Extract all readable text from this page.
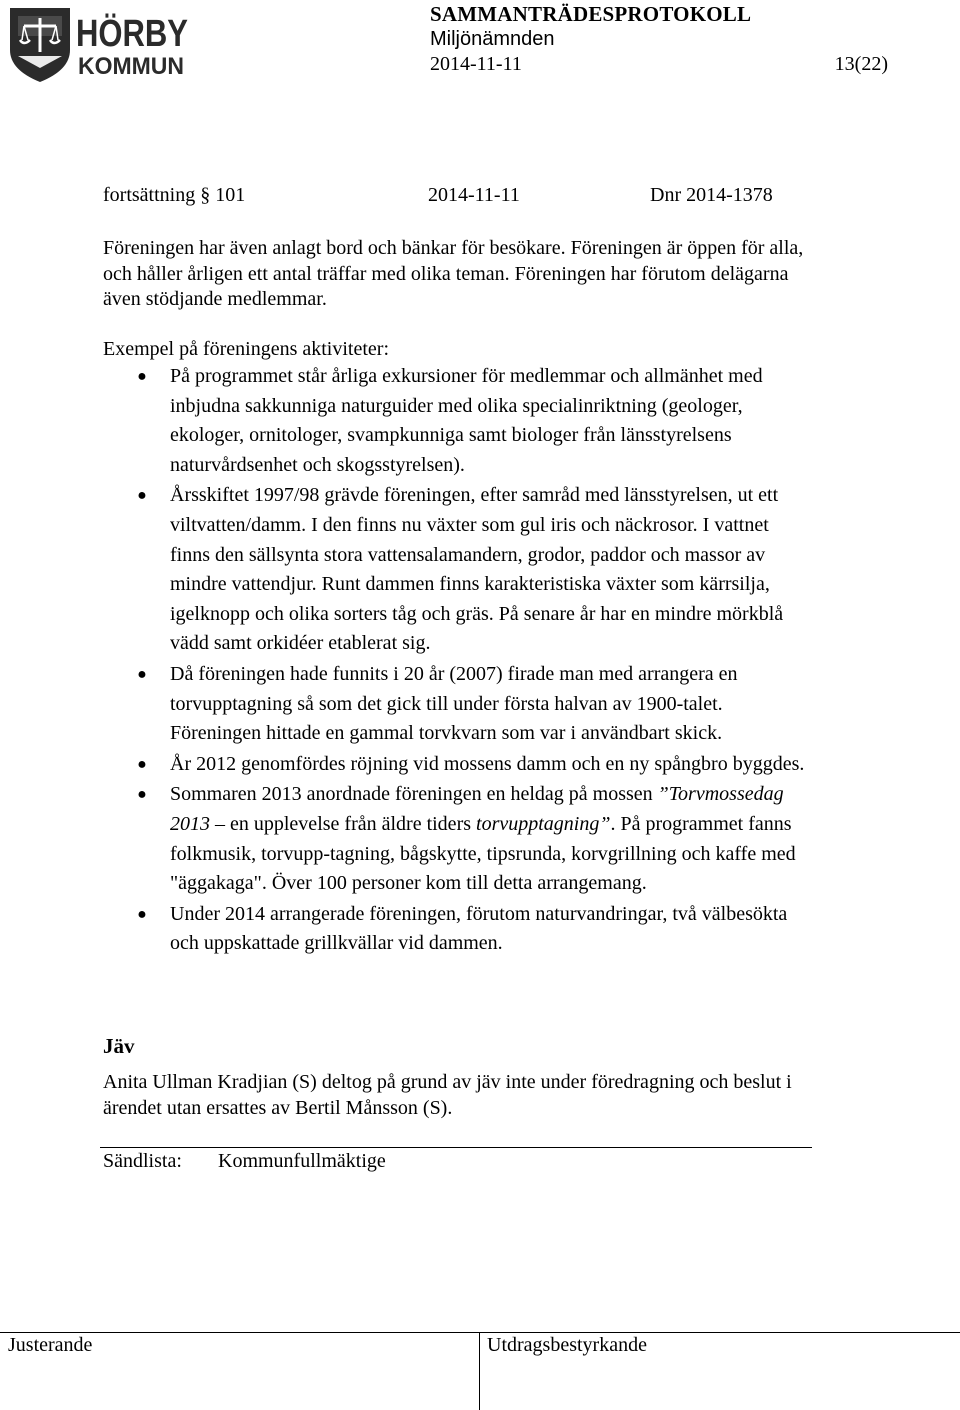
HÖRBY
KOMMUN
SAMMANTRÄDESPROTOKOLL
Miljönämnden
2014-11-11	13(22)
fortsättning § 101	2014-11-11	Dnr 2014-1378
Föreningen har även anlagt bord och bänkar för besökare. Föreningen är öppen för alla, och håller årligen ett antal träffar med olika teman. Föreningen har förutom delägarna även stödjande medlemmar.
Exempel på föreningens aktiviteter:
● På programmet står årliga exkursioner för medlemmar och allmänhet med inbjudna sakkunniga naturguider med olika specialinriktning (geologer, ekologer, ornitologer, svampkunniga samt biologer från länsstyrelsens naturvårdsenhet och skogsstyrelsen).
● Årsskiftet 1997/98 grävde föreningen, efter samråd med länsstyrelsen, ut ett viltvatten/damm. I den finns nu växter som gul iris och näckrosor. I vattnet finns den sällsynta stora vattensalamandern, grodor, paddor och massor av mindre vattendjur. Runt dammen finns karakteristiska växter som kärrsilja, igelknopp och olika sorters tåg och gräs. På senare år har en mindre mörkblå vädd samt orkidéer etablerat sig.
● Då föreningen hade funnits i 20 år (2007) firade man med arrangera en torvupptagning så som det gick till under första halvan av 1900-talet. Föreningen hittade en gammal torvkvarn som var i användbart skick.
● År 2012 genomfördes röjning vid mossens damm och en ny spångbro byggdes.
● Sommaren 2013 anordnade föreningen en heldag på mossen ”Torvmossedag 2013 – en upplevelse från äldre tiders torvupptagning”. På programmet fanns folkmusik, torvupp-tagning, bågskytte, tipsrunda, korvgrillning och kaffe med "äggakaga". Över 100 personer kom till detta arrangemang.
● Under 2014 arrangerade föreningen, förutom naturvandringar, två välbesökta och uppskattade grillkvällar vid dammen.
Jäv
Anita Ullman Kradjian (S) deltog på grund av jäv inte under föredragning och beslut i ärendet utan ersattes av Bertil Månsson (S).
Sändlista: Kommunfullmäktige
Justerande	Utdragsbestyrkande
